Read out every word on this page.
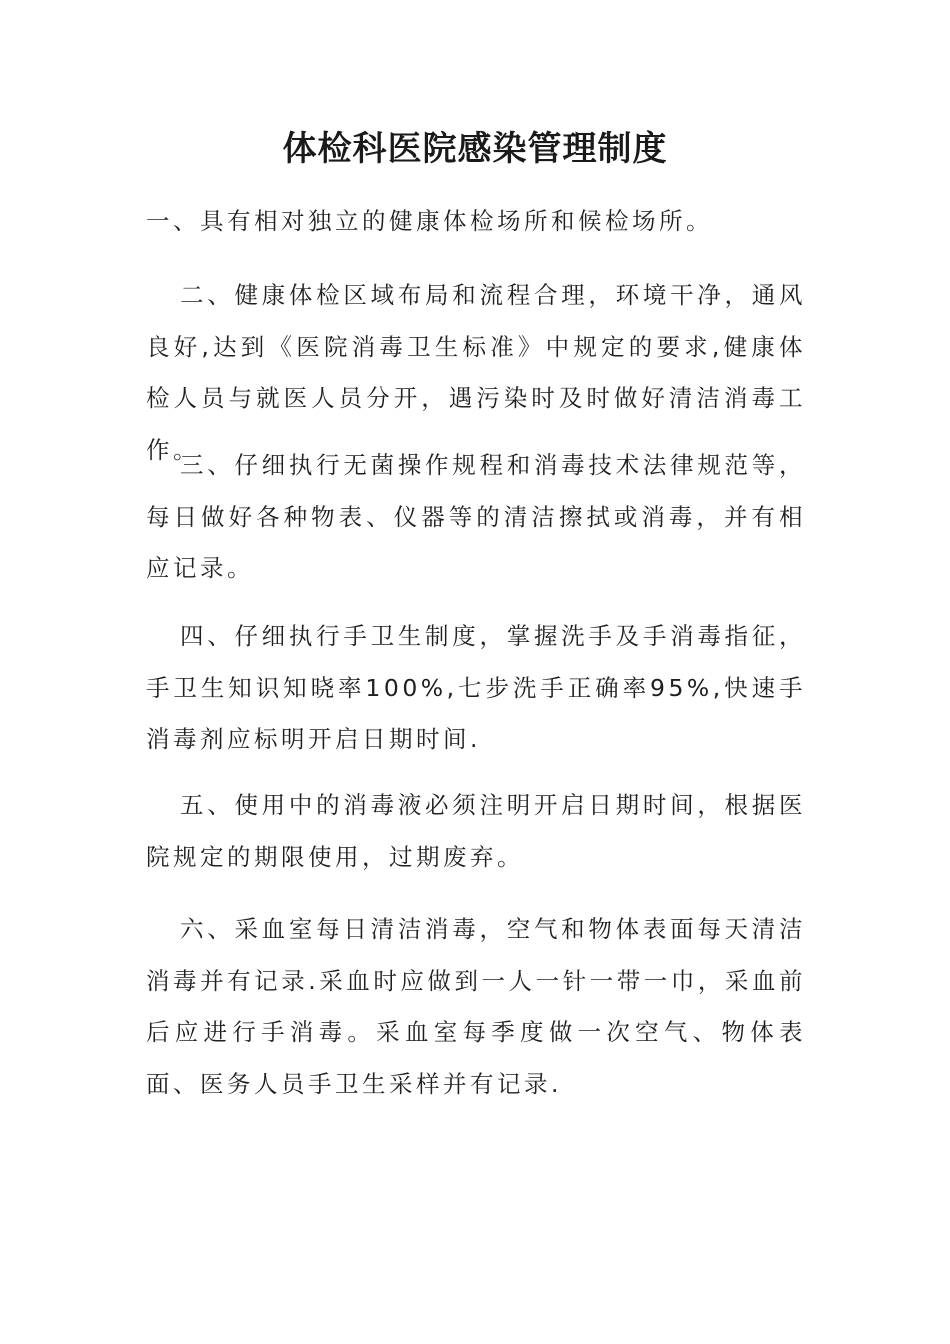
体检科医院感染管理制度

一、具有相对独立的健康体检场所和候检场所。

二、健康体检区域布局和流程合理，环境干净，通风良好,达到《医院消毒卫生标准》中规定的要求,健康体检人员与就医人员分开，遇污染时及时做好清洁消毒工作。

三、仔细执行无菌操作规程和消毒技术法律规范等，每日做好各种物表、仪器等的清洁擦拭或消毒，并有相应记录。

四、仔细执行手卫生制度，掌握洗手及手消毒指征，手卫生知识知晓率100%,七步洗手正确率95%,快速手消毒剂应标明开启日期时间.

五、使用中的消毒液必须注明开启日期时间，根据医院规定的期限使用，过期废弃。

六、采血室每日清洁消毒，空气和物体表面每天清洁消毒并有记录.采血时应做到一人一针一带一巾，采血前后应进行手消毒。采血室每季度做一次空气、物体表面、医务人员手卫生采样并有记录.
